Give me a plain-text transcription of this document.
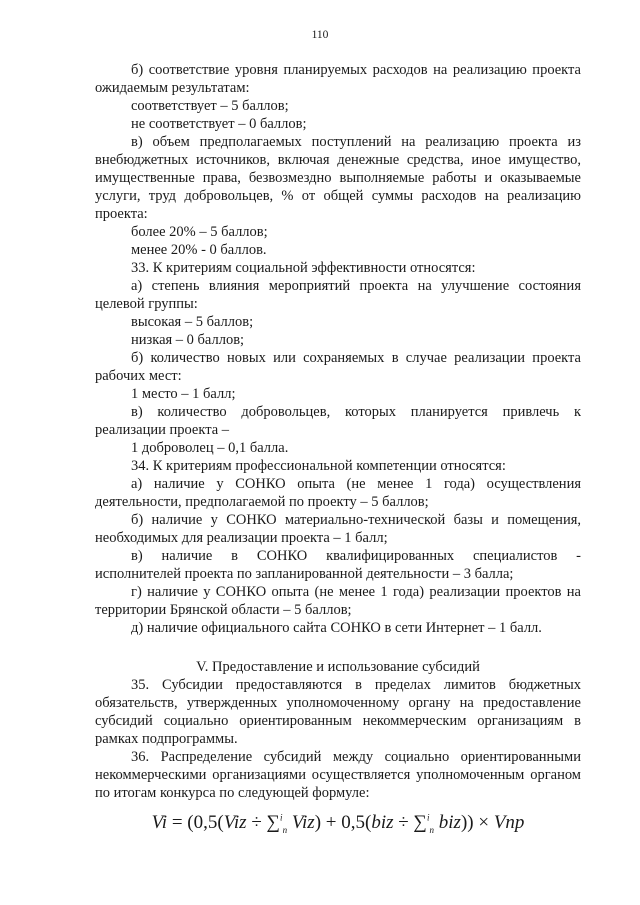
110
б) соответствие уровня планируемых расходов на реализацию проекта
ожидаемым результатам:
соответствует – 5 баллов;
не соответствует – 0 баллов;
в) объем предполагаемых поступлений на реализацию проекта из
внебюджетных источников, включая денежные средства, иное имущество,
имущественные права, безвозмездно выполняемые работы и оказываемые
услуги, труд добровольцев, % от общей суммы расходов на реализацию
проекта:
более 20% – 5 баллов;
менее 20% - 0 баллов.
33. К критериям социальной эффективности относятся:
а) степень влияния мероприятий проекта на улучшение состояния
целевой группы:
высокая – 5 баллов;
низкая – 0 баллов;
б) количество новых или сохраняемых в случае реализации проекта
рабочих мест:
1 место – 1 балл;
в) количество добровольцев, которых планируется привлечь к
реализации проекта –
1 доброволец – 0,1 балла.
34. К критериям профессиональной компетенции относятся:
а) наличие у СОНКО опыта (не менее 1 года) осуществления
деятельности, предполагаемой по проекту – 5 баллов;
б) наличие у СОНКО материально-технической базы и помещения,
необходимых для реализации проекта – 1 балл;
в) наличие в СОНКО квалифицированных специалистов -
исполнителей проекта по запланированной деятельности – 3 балла;
г) наличие у СОНКО опыта (не менее 1 года) реализации проектов на
территории Брянской области – 5 баллов;
д) наличие официального сайта СОНКО в сети Интернет – 1 балл.
V. Предоставление и использование субсидий
35. Субсидии предоставляются в пределах лимитов бюджетных
обязательств, утвержденных уполномоченному органу на предоставление
субсидий социально ориентированным некоммерческим организациям в
рамках подпрограммы.
36. Распределение субсидий между социально ориентированными
некоммерческими организациями осуществляется уполномоченным органом
по итогам конкурса по следующей формуле:
Vi = (0,5(Viz ÷ ∑$^i_n$ Viz) + 0,5(biz ÷ ∑$^i_n$ biz)) × Vnp
